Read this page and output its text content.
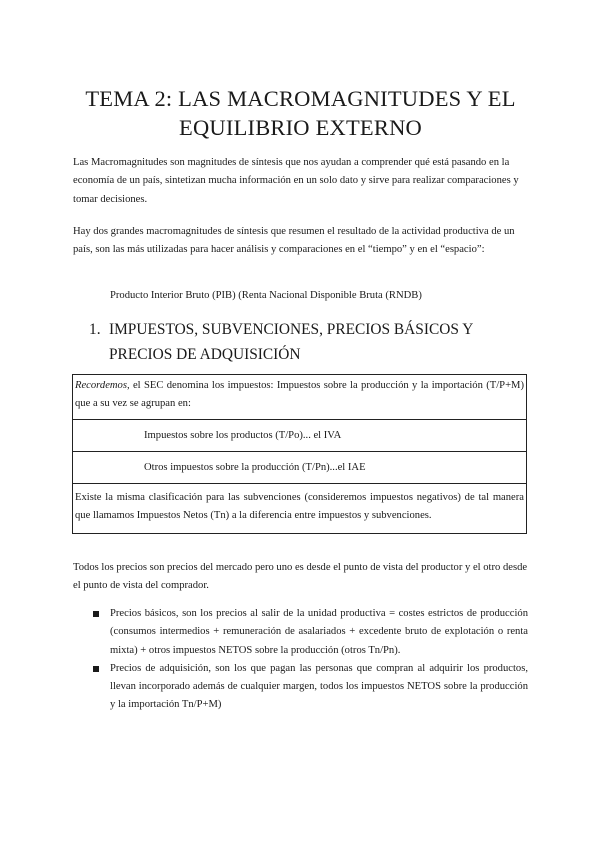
TEMA 2: LAS MACROMAGNITUDES Y EL
EQUILIBRIO EXTERNO
Las Macromagnitudes son magnitudes de síntesis que nos ayudan a comprender qué está pasando en la economía de un país, sintetizan mucha información en un solo dato y sirve para realizar comparaciones y tomar decisiones.
Hay dos grandes macromagnitudes de síntesis que resumen el resultado de la actividad productiva de un país, son las más utilizadas para hacer análisis y comparaciones en el “tiempo” y en el “espacio”:
Producto Interior Bruto (PIB) (Renta Nacional Disponible Bruta (RNDB)
1. IMPUESTOS, SUBVENCIONES, PRECIOS BÁSICOS Y PRECIOS DE ADQUISICIÓN
Recordemos, el SEC denomina los impuestos: Impuestos sobre la producción y la importación (T/P+M) que a su vez se agrupan en:
Impuestos sobre los productos (T/Po)... el IVA
Otros impuestos sobre la producción (T/Pn)...el IAE
Existe la misma clasificación para las subvenciones (consideremos impuestos negativos) de tal manera que llamamos Impuestos Netos (Tn) a la diferencia entre impuestos y subvenciones.
Todos los precios son precios del mercado pero uno es desde el punto de vista del productor y el otro desde el punto de vista del comprador.
Precios básicos, son los precios al salir de la unidad productiva = costes estrictos de producción (consumos intermedios + remuneración de asalariados + excedente bruto de explotación o renta mixta) + otros impuestos NETOS sobre la producción (otros Tn/Pn).
Precios de adquisición, son los que pagan las personas que compran al adquirir los productos, llevan incorporado además de cualquier margen, todos los impuestos NETOS sobre la producción y la importación Tn/P+M)
